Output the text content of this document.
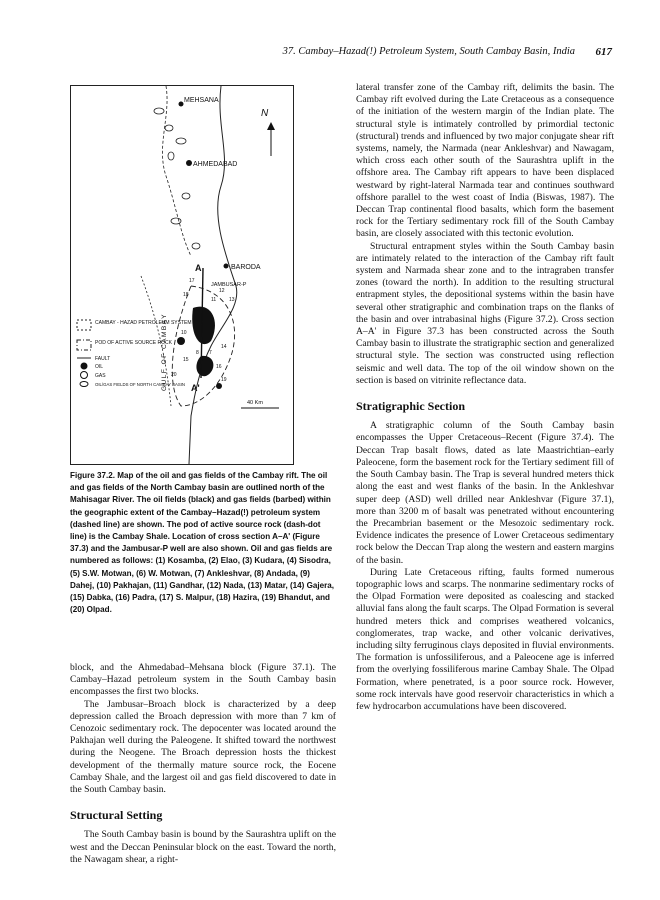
37. Cambay–Hazad(!) Petroleum System, South Cambay Basin, India 617
MEHSANA
N
AHMEDABAD
BARODA
JAMBUSAR-P
A
A'
40 Km
GULF OF CAMBAY
17
18
12
20
13
11
8 7
14
15
16
19
10
CAMBAY - HAZAD PETROLEUM SYSTEM
POD OF ACTIVE SOURCE ROCK
FAULT
OIL
GAS
OIL/GAS FIELDS OF NORTH CAMBAY BASIN
Figure 37.2. Map of the oil and gas fields of the Cambay rift. The oil and gas fields of the North Cambay basin are outlined north of the Mahisagar River. The oil fields (black) and gas fields (barbed) within the geographic extent of the Cambay–Hazad(!) petroleum system (dashed line) are shown. The pod of active source rock (dash-dot line) is the Cambay Shale. Location of cross section A–A' (Figure 37.3) and the Jambusar-P well are also shown. Oil and gas fields are numbered as follows: (1) Kosamba, (2) Elao, (3) Kudara, (4) Sisodra, (5) S.W. Motwan, (6) W. Motwan, (7) Ankleshvar, (8) Andada, (9) Dahej, (10) Pakhajan, (11) Gandhar, (12) Nada, (13) Matar, (14) Gajera, (15) Dabka, (16) Padra, (17) S. Malpur, (18) Hazira, (19) Bhandut, and (20) Olpad.

block, and the Ahmedabad–Mehsana block (Figure 37.1). The Cambay–Hazad petroleum system in the South Cambay basin encompasses the first two blocks.

The Jambusar–Broach block is characterized by a deep depression called the Broach depression with more than 7 km of Cenozoic sedimentary rock. The depocenter was located around the Pakhajan well during the Paleogene. It shifted toward the northwest during the Neogene. The Broach depression hosts the thickest development of the thermally mature source rock, the Eocene Cambay Shale, and the largest oil and gas field discovered to date in the South Cambay basin.

Structural Setting

The South Cambay basin is bound by the Saurashtra uplift on the west and the Deccan Peninsular block on the east. Toward the north, the Nawagam shear, a right-

lateral transfer zone of the Cambay rift, delimits the basin. The Cambay rift evolved during the Late Cretaceous as a consequence of the initiation of the western margin of the Indian plate. The structural style is intimately controlled by primordial tectonic (structural) trends and influenced by two major conjugate shear rift systems, namely, the Narmada (near Ankleshvar) and Nawagam, which cross each other south of the Saurashtra uplift in the offshore area. The Cambay rift appears to have been displaced westward by right-lateral Narmada tear and continues southward offshore parallel to the west coast of India (Biswas, 1987). The Deccan Trap continental flood basalts, which form the basement rock for the Tertiary sedimentary rock fill of the South Cambay basin, are closely associated with this tectonic evolution.

Structural entrapment styles within the South Cambay basin are intimately related to the interaction of the Cambay rift fault system and Narmada shear zone and to the intragraben transfer zones (toward the north). In addition to the resulting structural entrapment styles, the depositional systems within the basin have several other stratigraphic and combination traps on the flanks of the basin and over intrabasinal highs (Figure 37.2). Cross section A–A' in Figure 37.3 has been constructed across the South Cambay basin to illustrate the stratigraphic section and generalized structural style. The section was constructed using reflection seismic and well data. The top of the oil window shown on the section is based on vitrinite reflectance data.

Stratigraphic Section

A stratigraphic column of the South Cambay basin encompasses the Upper Cretaceous–Recent (Figure 37.4). The Deccan Trap basalt flows, dated as late Maastrichtian–early Paleocene, form the basement rock for the Tertiary sediment fill of the South Cambay basin. The Trap is several hundred meters thick along the east and west flanks of the basin. In the Ankleshvar super deep (ASD) well drilled near Ankleshvar (Figure 37.1), more than 3200 m of basalt was penetrated without encountering the Precambrian basement or the Mesozoic sedimentary rock. Evidence indicates the presence of Lower Cretaceous sedimentary rock below the Deccan Trap along the western and eastern margins of the basin.

During Late Cretaceous rifting, faults formed numerous topographic lows and scarps. The nonmarine sedimentary rocks of the Olpad Formation were deposited as coalescing and stacked alluvial fans along the fault scarps. The Olpad Formation is several hundred meters thick and comprises weathered volcanics, conglomerates, trap wacke, and other volcanic derivatives, including silty ferruginous clays deposited in fluvial environments. The formation is unfossiliferous, and a Paleocene age is inferred from the overlying fossiliferous marine Cambay Shale. The Olpad Formation, where penetrated, is a poor source rock. However, some rock intervals have good reservoir characteristics in which a few hydrocarbon accumulations have been discovered.
